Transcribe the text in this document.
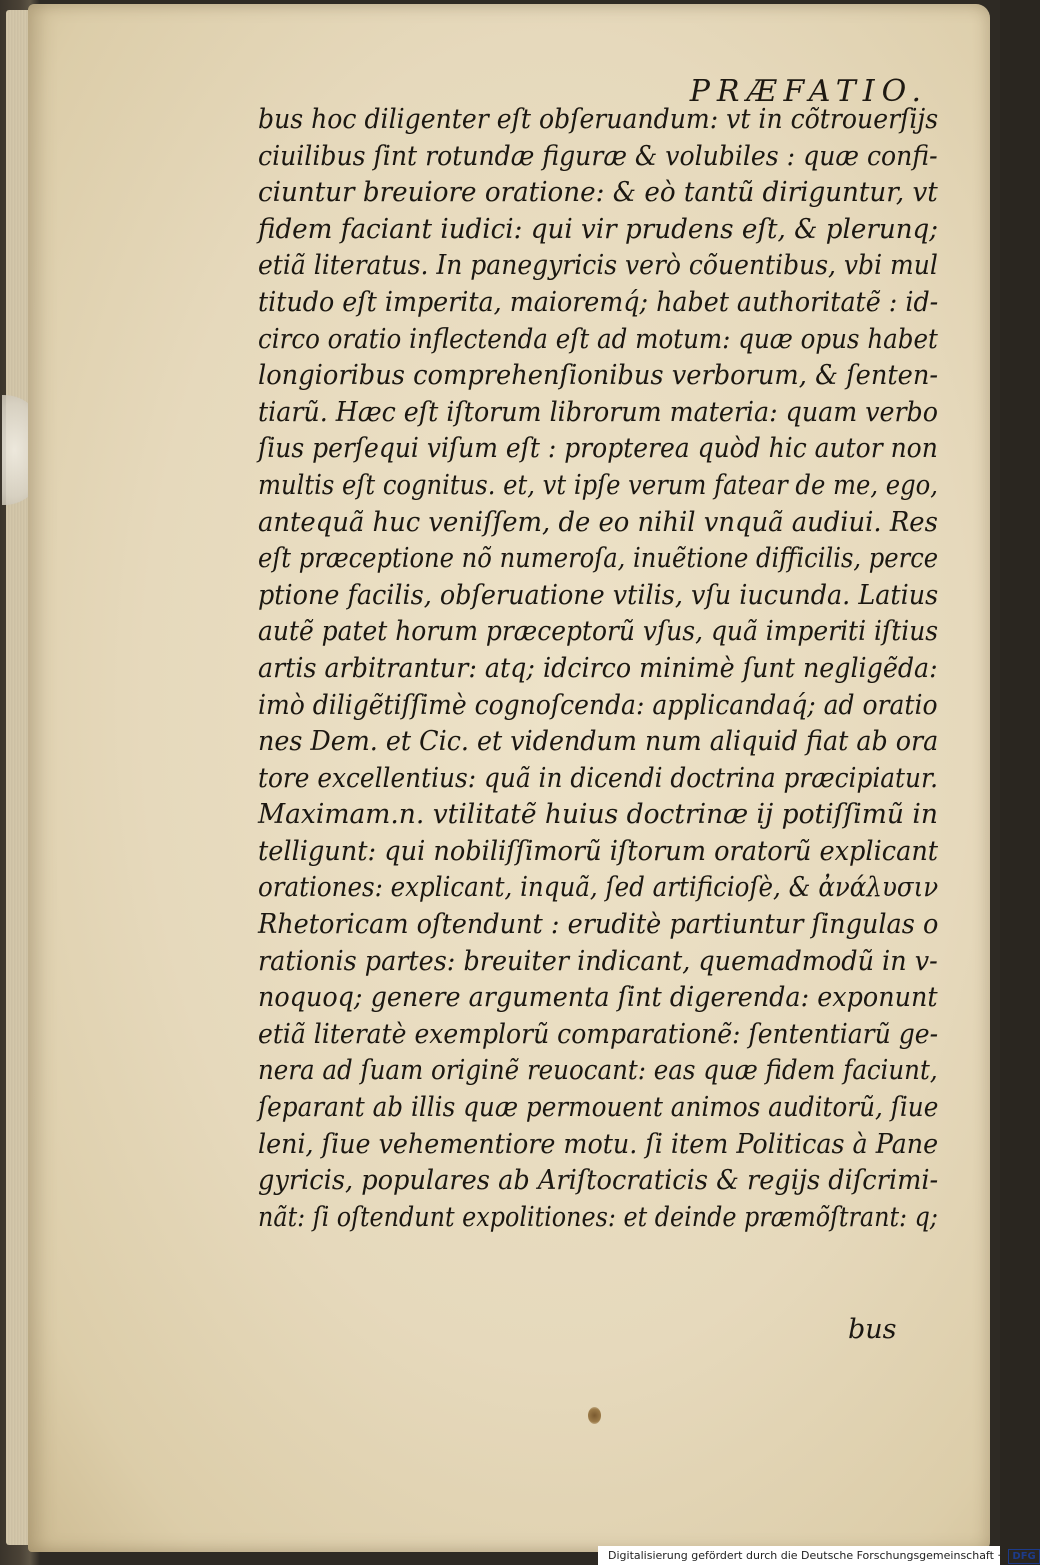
PRÆFATIO.
bus hoc diligenter eſt obſeruandum: vt in cõtrouerſijs
ciuilibus ſint rotundæ figuræ & volubiles : quæ confi-
ciuntur breuiore oratione: & eò tantũ diriguntur, vt
fidem faciant iudici: qui vir prudens eſt, & plerunq;
etiã literatus. In panegyricis verò cõuentibus, vbi mul
titudo eſt imperita, maioremq́; habet authoritatẽ : id-
circo oratio inflectenda eſt ad motum: quæ opus habet
longioribus comprehenſionibus verborum, & ſenten-
tiarũ. Hæc eſt iſtorum librorum materia: quam verbo
ſius perſequi viſum eſt : propterea quòd hic autor non
multis eſt cognitus. et, vt ipſe verum fatear de me, ego,
antequã huc veniſſem, de eo nihil vnquã audiui. Res
eſt præceptione nõ numeroſa, inuẽtione difficilis, perce
ptione facilis, obſeruatione vtilis, vſu iucunda. Latius
autẽ patet horum præceptorũ vſus, quã imperiti iſtius
artis arbitrantur: atq; idcirco minimè ſunt negligẽda:
imò diligẽtiſſimè cognoſcenda: applicandaq́; ad oratio
nes Dem. et Cic. et videndum num aliquid fiat ab ora
tore excellentius: quã in dicendi doctrina præcipiatur.
Maximam.n. vtilitatẽ huius doctrinæ ij potiſſimũ in
telligunt: qui nobiliſſimorũ iſtorum oratorũ explicant
orationes: explicant, inquã, ſed artificioſè, & ἀνάλυσιν
Rhetoricam oſtendunt : eruditè partiuntur ſingulas o
rationis partes: breuiter indicant, quemadmodũ in v-
noquoq; genere argumenta ſint digerenda: exponunt
etiã literatè exemplorũ comparationẽ: ſententiarũ ge-
nera ad ſuam originẽ reuocant: eas quæ fidem faciunt,
ſeparant ab illis quæ permouent animos auditorũ, ſiue
leni, ſiue vehementiore motu. ſi item Politicas à Pane
gyricis, populares ab Ariſtocraticis & regijs diſcrimi-
nãt: ſi oſtendunt expolitiones: et deinde præmõſtrant: q;
bus
Digitalisierung gefördert durch die Deutsche Forschungsgemeinschaft · DFG
